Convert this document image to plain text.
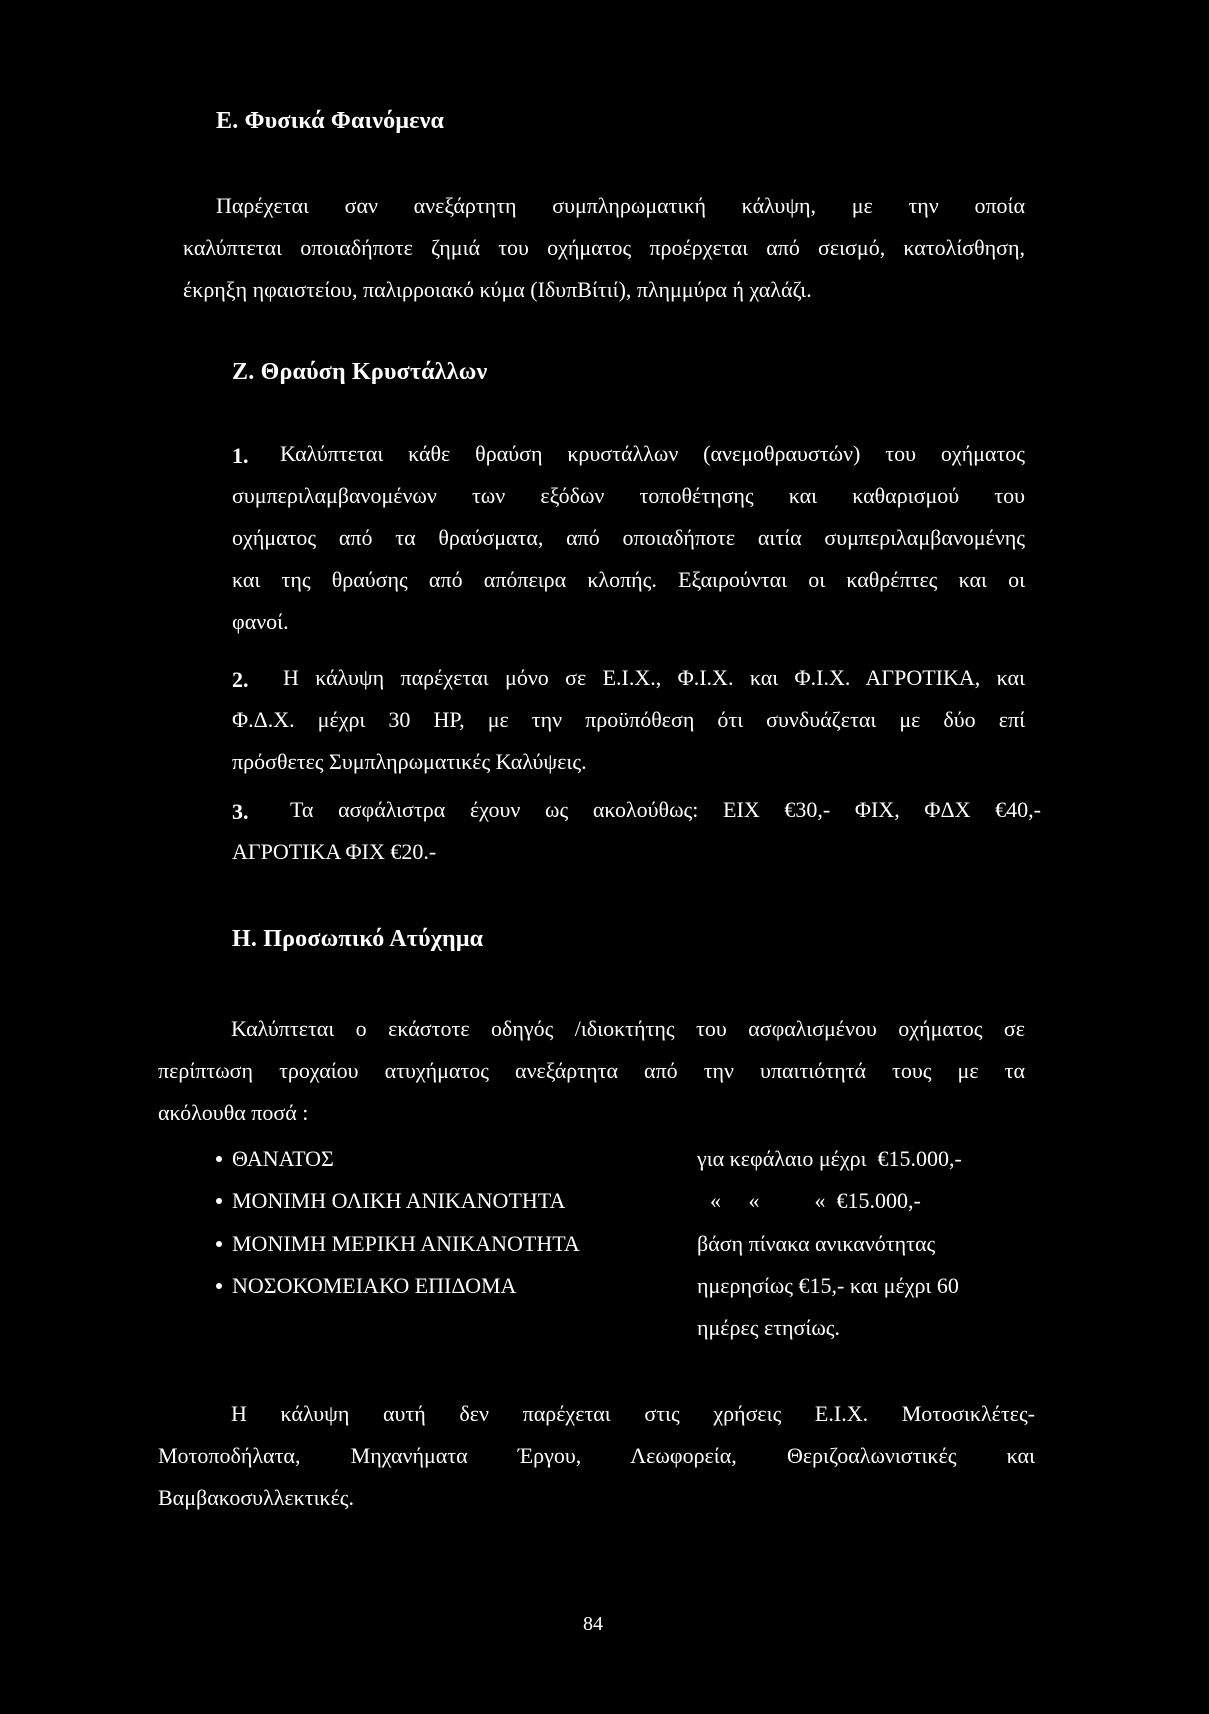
Ε. Φυσικά Φαινόμενα
Παρέχεται σαν ανεξάρτητη συμπληρωματική κάλυψη, με την οποία
καλύπτεται οποιαδήποτε ζημιά του οχήματος προέρχεται από σεισμό, κατολίσθηση,
έκρηξη ηφαιστείου, παλιρροιακό κύμα (ΙδυπΒίτιί), πλημμύρα ή χαλάζι.
Ζ. Θραύση Κρυστάλλων
1. Καλύπτεται κάθε θραύση κρυστάλλων (ανεμοθραυστών) του οχήματος
συμπεριλαμβανομένων των εξόδων τοποθέτησης και καθαρισμού του
οχήματος από τα θραύσματα, από οποιαδήποτε αιτία συμπεριλαμβανομένης
και της θραύσης από απόπειρα κλοπής. Εξαιρούνται οι καθρέπτες και οι
φανοί.
2. Η κάλυψη παρέχεται μόνο σε Ε.Ι.Χ., Φ.Ι.Χ. και Φ.Ι.Χ. ΑΓΡΟΤΙΚΑ, και
Φ.Δ.Χ. μέχρι 30 ΗΡ, με την προϋπόθεση ότι συνδυάζεται με δύο επί
πρόσθετες Συμπληρωματικές Καλύψεις.
3. Τα ασφάλιστρα έχουν ως ακολούθως: ΕΙΧ €30,- ΦΙΧ, ΦΔΧ €40,-
ΑΓΡΟΤΙΚΑ ΦΙΧ €20.-
Η. Προσωπικό Ατύχημα
Καλύπτεται ο εκάστοτε οδηγός /ιδιοκτήτης του ασφαλισμένου οχήματος σε
περίπτωση τροχαίου ατυχήματος ανεξάρτητα από την υπαιτιότητά τους με τα
ακόλουθα ποσά :
ΘΑΝΑΤΟΣ	για κεφάλαιο μέχρι  €15.000,-
ΜΟΝΙΜΗ ΟΛΙΚΗ ΑΝΙΚΑΝΟΤΗΤΑ	«     «          «  €15.000,-
ΜΟΝΙΜΗ ΜΕΡΙΚΗ ΑΝΙΚΑΝΟΤΗΤΑ	βάση πίνακα ανικανότητας
ΝΟΣΟΚΟΜΕΙΑΚΟ ΕΠΙΔΟΜΑ	ημερησίως €15,- και μέχρι 60
ημέρες ετησίως.
Η κάλυψη αυτή δεν παρέχεται στις χρήσεις Ε.Ι.Χ. Μοτοσικλέτες-
Μοτοποδήλατα, Μηχανήματα Έργου, Λεωφορεία, Θεριζοαλωνιστικές και
Βαμβακοσυλλεκτικές.
84
